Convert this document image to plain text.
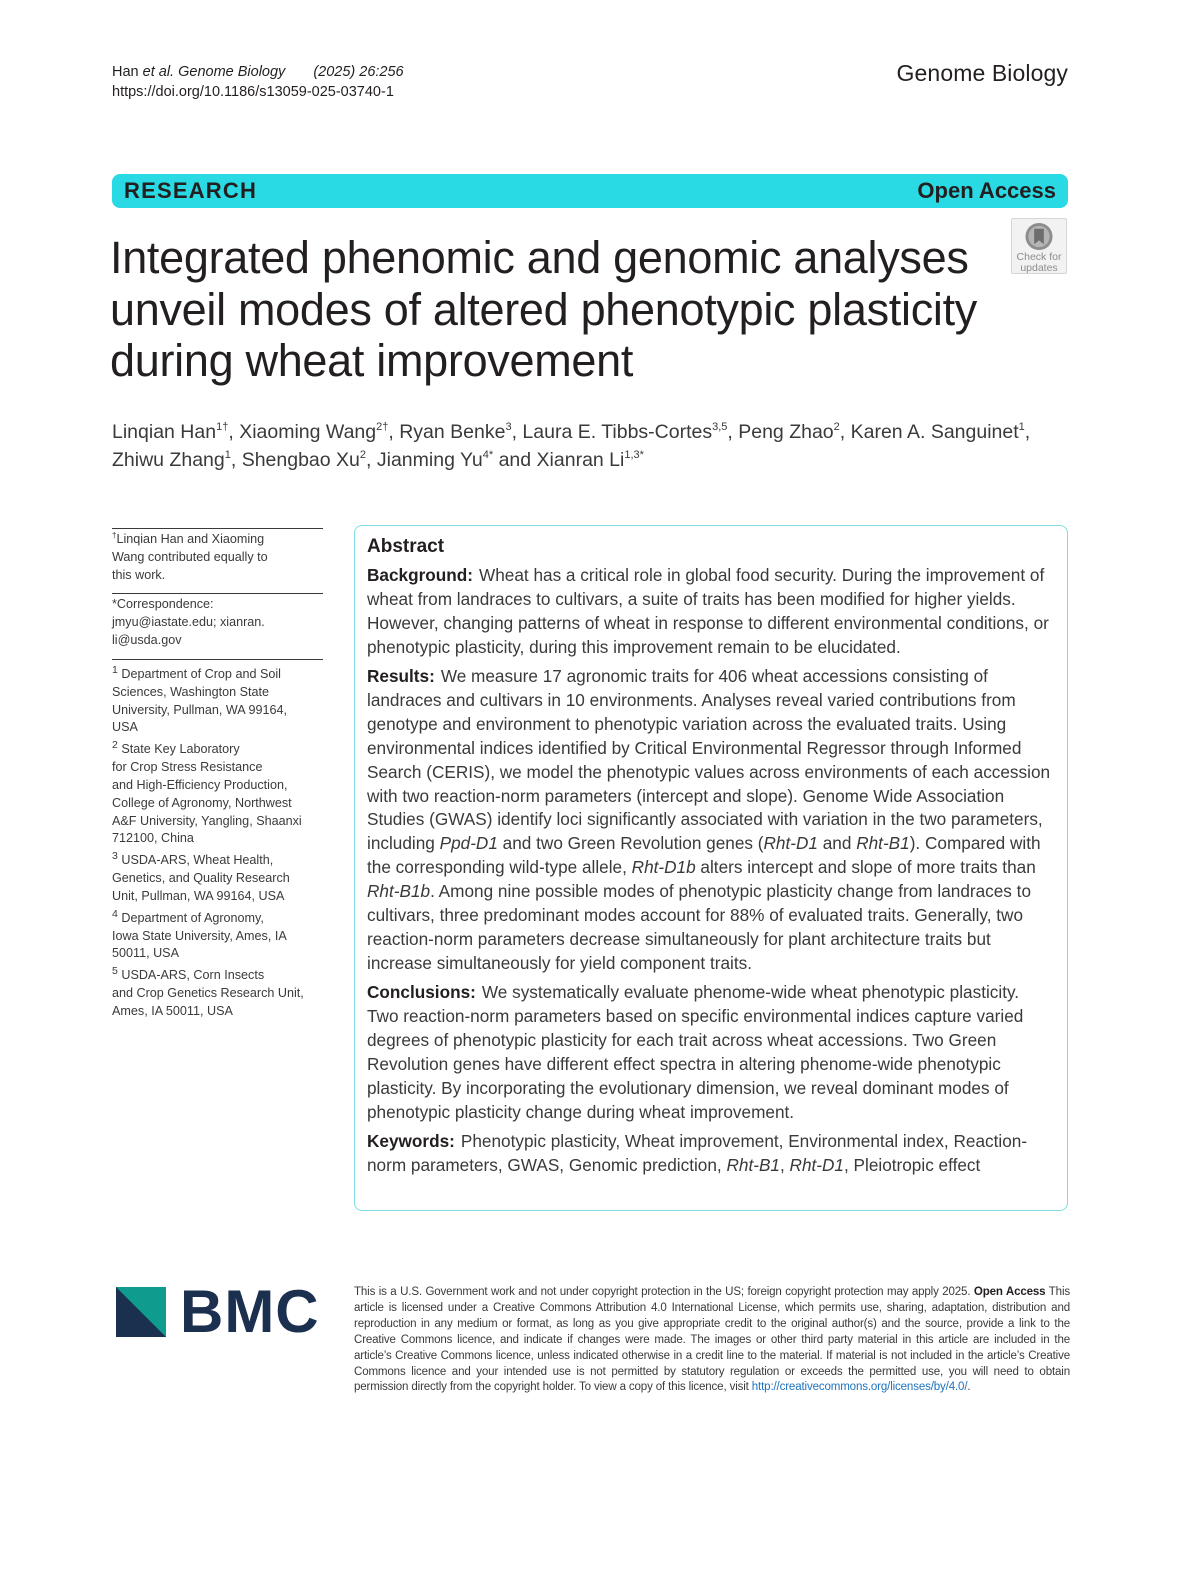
Han et al. Genome Biology (2025) 26:256
https://doi.org/10.1186/s13059-025-03740-1
Genome Biology
RESEARCH	Open Access
Integrated phenomic and genomic analyses
unveil modes of altered phenotypic plasticity
during wheat improvement
Check for
updates
Linqian Han$^{1\dagger}$, Xiaoming Wang$^{2\dagger}$, Ryan Benke$^3$, Laura E. Tibbs-Cortes$^{3,5}$, Peng Zhao$^2$, Karen A. Sanguinet$^1$,
Zhiwu Zhang$^1$, Shengbao Xu$^2$, Jianming $Yu^{4*}$ and Xianran $Li^{1,3*}$
†Linqian Han and Xiaoming
Wang contributed equally to
this work.
*Correspondence:
jmyu@iastate.edu; xianran.
li@usda.gov
$^1$ Department of Crop and Soil
Sciences, Washington State
University, Pullman, WA 99164,
USA
$^2$ State Key Laboratory
for Crop Stress Resistance
and High-Efficiency Production,
College of Agronomy, Northwest
A&F University, Yangling, Shaanxi
712100, China
$^3$ USDA-ARS, Wheat Health,
Genetics, and Quality Research
Unit, Pullman, WA 99164, USA
$^4$ Department of Agronomy,
Iowa State University, Ames, IA
50011, USA
$^5$ USDA-ARS, Corn Insects
and Crop Genetics Research Unit,
Ames, IA 50011, USA
Abstract

Background: Wheat has a critical role in global food security. During the improvement of wheat from landraces to cultivars, a suite of traits has been modified for higher yields. However, changing patterns of wheat in response to different environmental conditions, or phenotypic plasticity, during this improvement remain to be elucidated.

Results: We measure 17 agronomic traits for 406 wheat accessions consisting of landraces and cultivars in 10 environments. Analyses reveal varied contributions from genotype and environment to phenotypic variation across the evaluated traits. Using environmental indices identified by Critical Environmental Regressor through Informed Search (CERIS), we model the phenotypic values across environments of each accession with two reaction-norm parameters (intercept and slope). Genome Wide Association Studies (GWAS) identify loci significantly associated with variation in the two parameters, including Ppd-D1 and two Green Revolution genes (Rht-D1 and Rht-B1). Compared with the corresponding wild-type allele, Rht-D1b alters intercept and slope of more traits than Rht-B1b. Among nine possible modes of phenotypic plasticity change from landraces to cultivars, three predominant modes account for 88% of evaluated traits. Generally, two reaction-norm parameters decrease simultaneously for plant architecture traits but increase simultaneously for yield component traits.

Conclusions: We systematically evaluate phenome-wide wheat phenotypic plasticity. Two reaction-norm parameters based on specific environmental indices capture varied degrees of phenotypic plasticity for each trait across wheat accessions. Two Green Revolution genes have different effect spectra in altering phenome-wide phenotypic plasticity. By incorporating the evolutionary dimension, we reveal dominant modes of phenotypic plasticity change during wheat improvement.

Keywords: Phenotypic plasticity, Wheat improvement, Environmental index, Reaction-norm parameters, GWAS, Genomic prediction, Rht-B1, Rht-D1, Pleiotropic effect

BMC	This is a U.S. Government work and not under copyright protection in the US; foreign copyright protection may apply 2025. Open Access This article is licensed under a Creative Commons Attribution 4.0 International License, which permits use, sharing, adaptation, distribution and reproduction in any medium or format, as long as you give appropriate credit to the original author(s) and the source, provide a link to the Creative Commons licence, and indicate if changes were made. The images or other third party material in this article are included in the article’s Creative Commons licence, unless indicated otherwise in a credit line to the material. If material is not included in the article’s Creative Commons licence and your intended use is not permitted by statutory regulation or exceeds the permitted use, you will need to obtain permission directly from the copyright holder. To view a copy of this licence, visit http://creativecommons.org/licenses/by/4.0/.
